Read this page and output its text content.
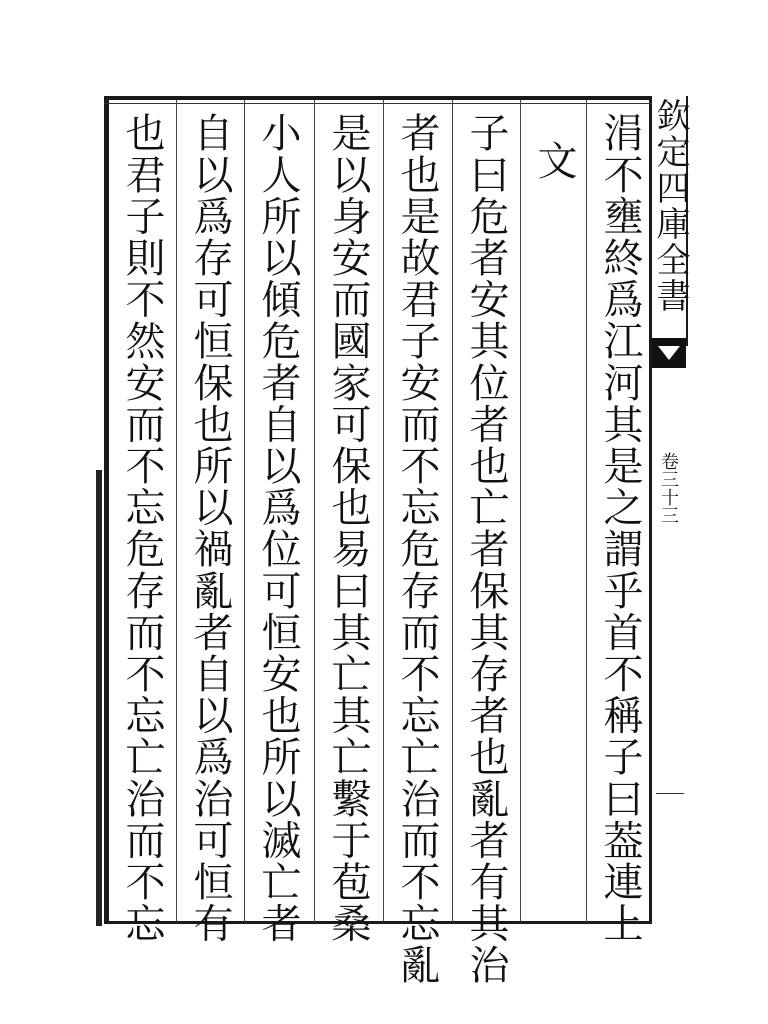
欽定四庫全書
卷三十三
涓不壅終爲江河其是之謂乎首不稱子曰葢連上
文
子曰危者安其位者也亡者保其存者也亂者有其治
者也是故君子安而不忘危存而不忘亡治而不忘亂
是以身安而國家可保也易曰其亡其亡繫于苞桑
小人所以傾危者自以爲位可恒安也所以滅亡者
自以爲存可恒保也所以禍亂者自以爲治可恒有
也君子則不然安而不忘危存而不忘亡治而不忘
